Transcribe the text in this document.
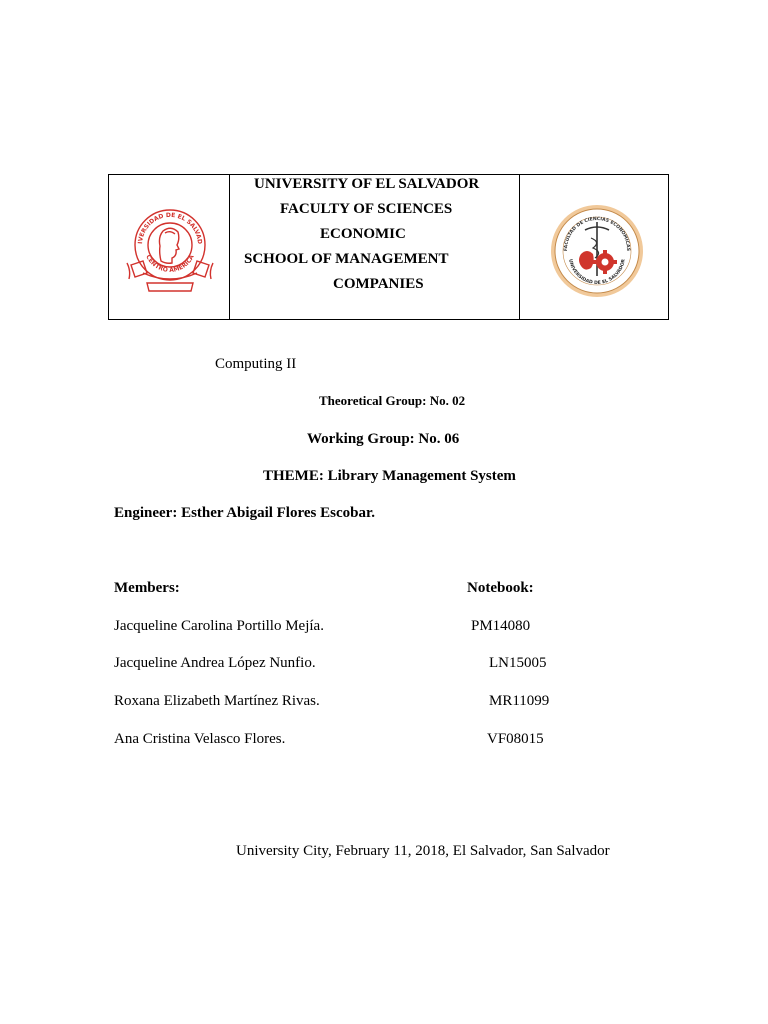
IVERSIDAD DE EL SALVAD
CENTRO AMERICA
UNIVERSITY OF EL SALVADOR
FACULTY OF SCIENCES
ECONOMIC
SCHOOL OF MANAGEMENT
COMPANIES
FACULTAD DE CIENCIAS ECONOMICAS
UNIVERSIDAD DE EL SALVADOR
Computing II
Theoretical Group: No. 02
Working Group: No. 06
THEME: Library Management System
Engineer: Esther Abigail Flores Escobar.
Members:	Notebook:
Jacqueline Carolina Portillo Mejía.	PM14080
Jacqueline Andrea López Nunfio.	LN15005
Roxana Elizabeth Martínez Rivas.	MR11099
Ana Cristina Velasco Flores.	VF08015
University City, February 11, 2018, El Salvador, San Salvador
